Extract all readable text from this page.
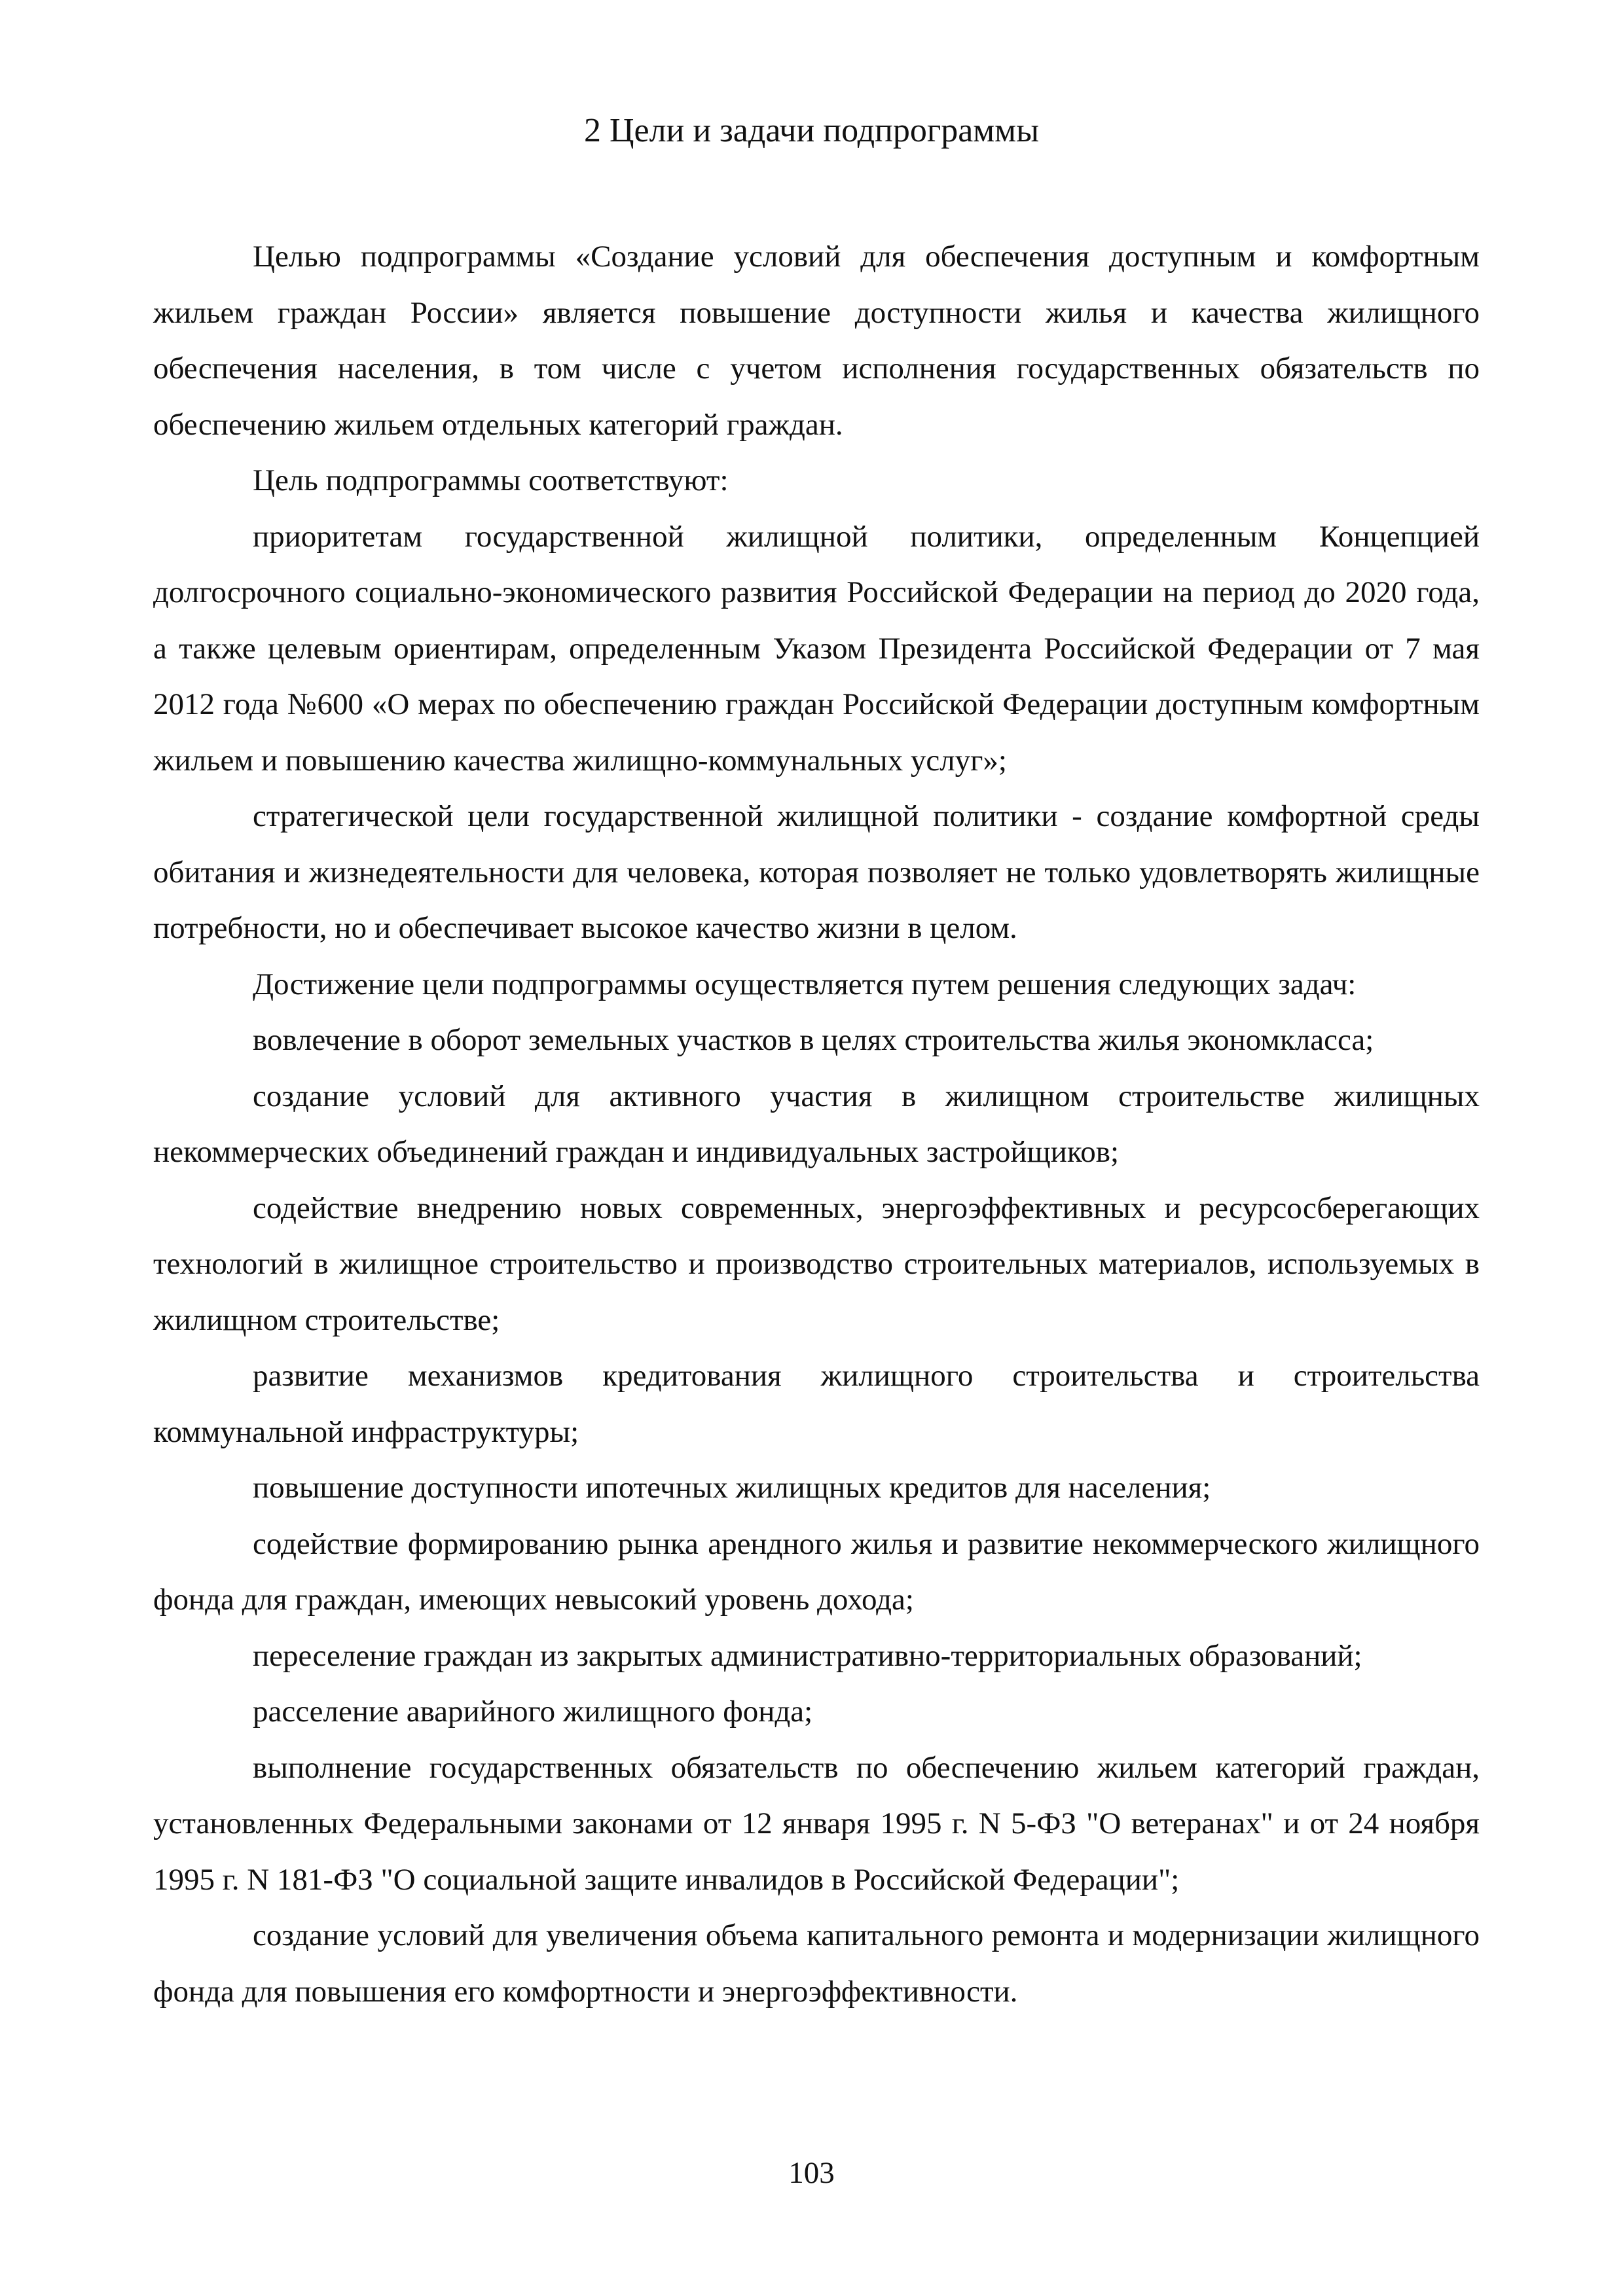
2 Цели и задачи подпрограммы

Целью подпрограммы «Создание условий для обеспечения доступным и комфортным жильем граждан России» является повышение доступности жилья и качества жилищного обеспечения населения, в том числе с учетом исполнения государственных обязательств по обеспечению жильем отдельных категорий граждан.

Цель подпрограммы соответствуют:

приоритетам государственной жилищной политики, определенным Концепцией долгосрочного социально-экономического развития Российской Федерации на период до 2020 года, а также целевым ориентирам, определенным Указом Президента Российской Федерации от 7 мая 2012 года №600 «О мерах по обеспечению граждан Российской Федерации доступным комфортным жильем и повышению качества жилищно-коммунальных услуг»;

стратегической цели государственной жилищной политики - создание комфортной среды обитания и жизнедеятельности для человека, которая позволяет не только удовлетворять жилищные потребности, но и обеспечивает высокое качество жизни в целом.

Достижение цели подпрограммы осуществляется путем решения следующих задач:

вовлечение в оборот земельных участков в целях строительства жилья экономкласса;

создание условий для активного участия в жилищном строительстве жилищных некоммерческих объединений граждан и индивидуальных застройщиков;

содействие внедрению новых современных, энергоэффективных и ресурсосберегающих технологий в жилищное строительство и производство строительных материалов, используемых в жилищном строительстве;

развитие механизмов кредитования жилищного строительства и строительства коммунальной инфраструктуры;

повышение доступности ипотечных жилищных кредитов для населения;

содействие формированию рынка арендного жилья и развитие некоммерческого жилищного фонда для граждан, имеющих невысокий уровень дохода;

переселение граждан из закрытых административно-территориальных образований;

расселение аварийного жилищного фонда;

выполнение государственных обязательств по обеспечению жильем категорий граждан, установленных Федеральными законами от 12 января 1995 г. N 5-ФЗ "О ветеранах" и от 24 ноября 1995 г. N 181-ФЗ "О социальной защите инвалидов в Российской Федерации";

создание условий для увеличения объема капитального ремонта и модернизации жилищного фонда для повышения его комфортности и энергоэффективности.

103
